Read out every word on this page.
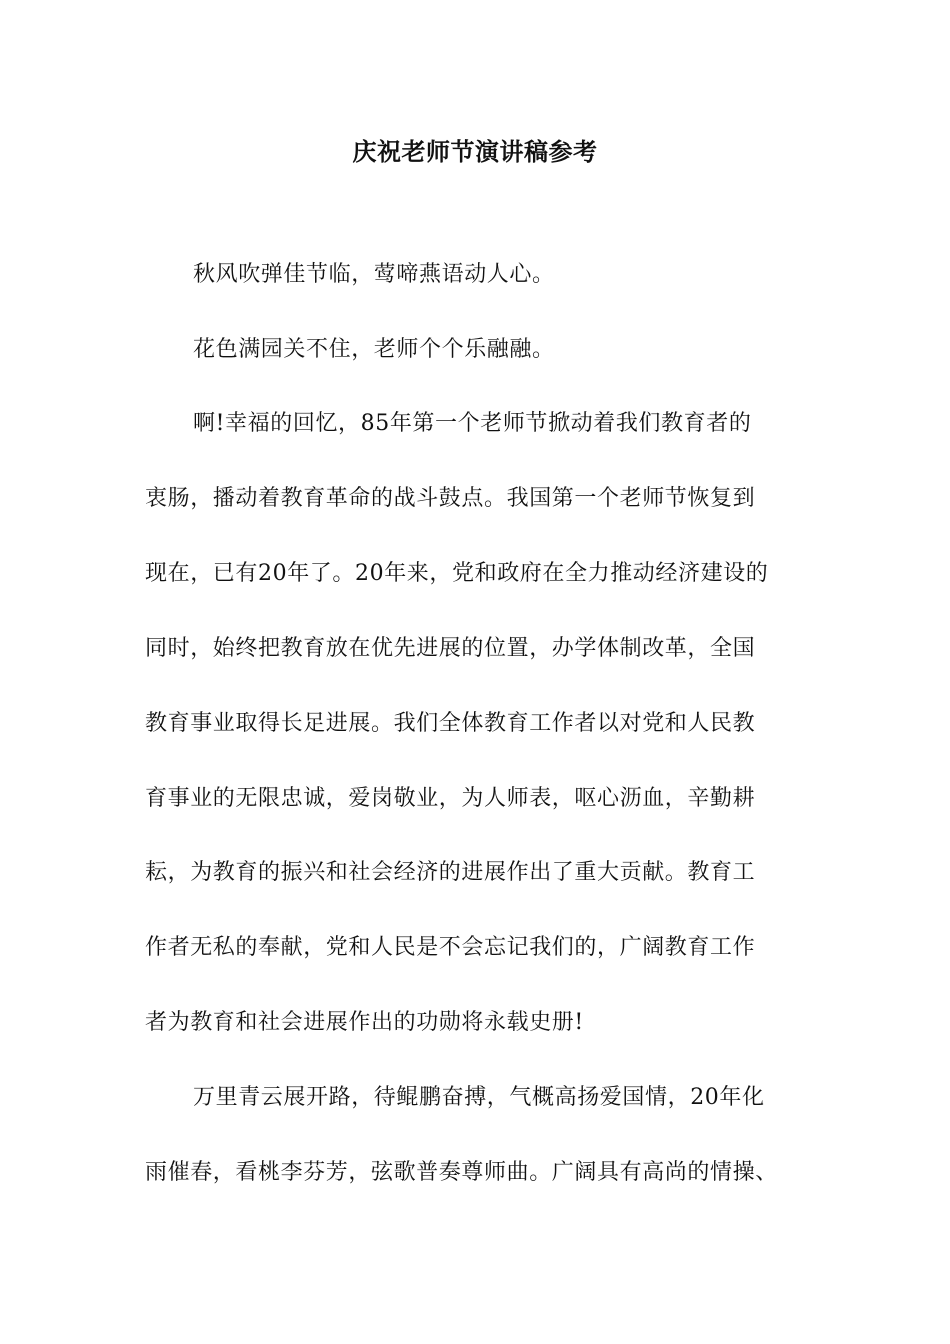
庆祝老师节演讲稿参考
秋风吹弹佳节临，莺啼燕语动人心。
花色满园关不住，老师个个乐融融。
啊!幸福的回忆，85年第一个老师节掀动着我们教育者的
衷肠，播动着教育革命的战斗鼓点。我国第一个老师节恢复到
现在，已有20年了。20年来，党和政府在全力推动经济建设的
同时，始终把教育放在优先进展的位置，办学体制改革，全国
教育事业取得长足进展。我们全体教育工作者以对党和人民教
育事业的无限忠诚，爱岗敬业，为人师表，呕心沥血，辛勤耕
耘，为教育的振兴和社会经济的进展作出了重大贡献。教育工
作者无私的奉献，党和人民是不会忘记我们的，广阔教育工作
者为教育和社会进展作出的功勋将永载史册!
万里青云展开路，待鲲鹏奋搏，气概高扬爱国情，20年化
雨催春，看桃李芬芳，弦歌普奏尊师曲。广阔具有高尚的情操、
